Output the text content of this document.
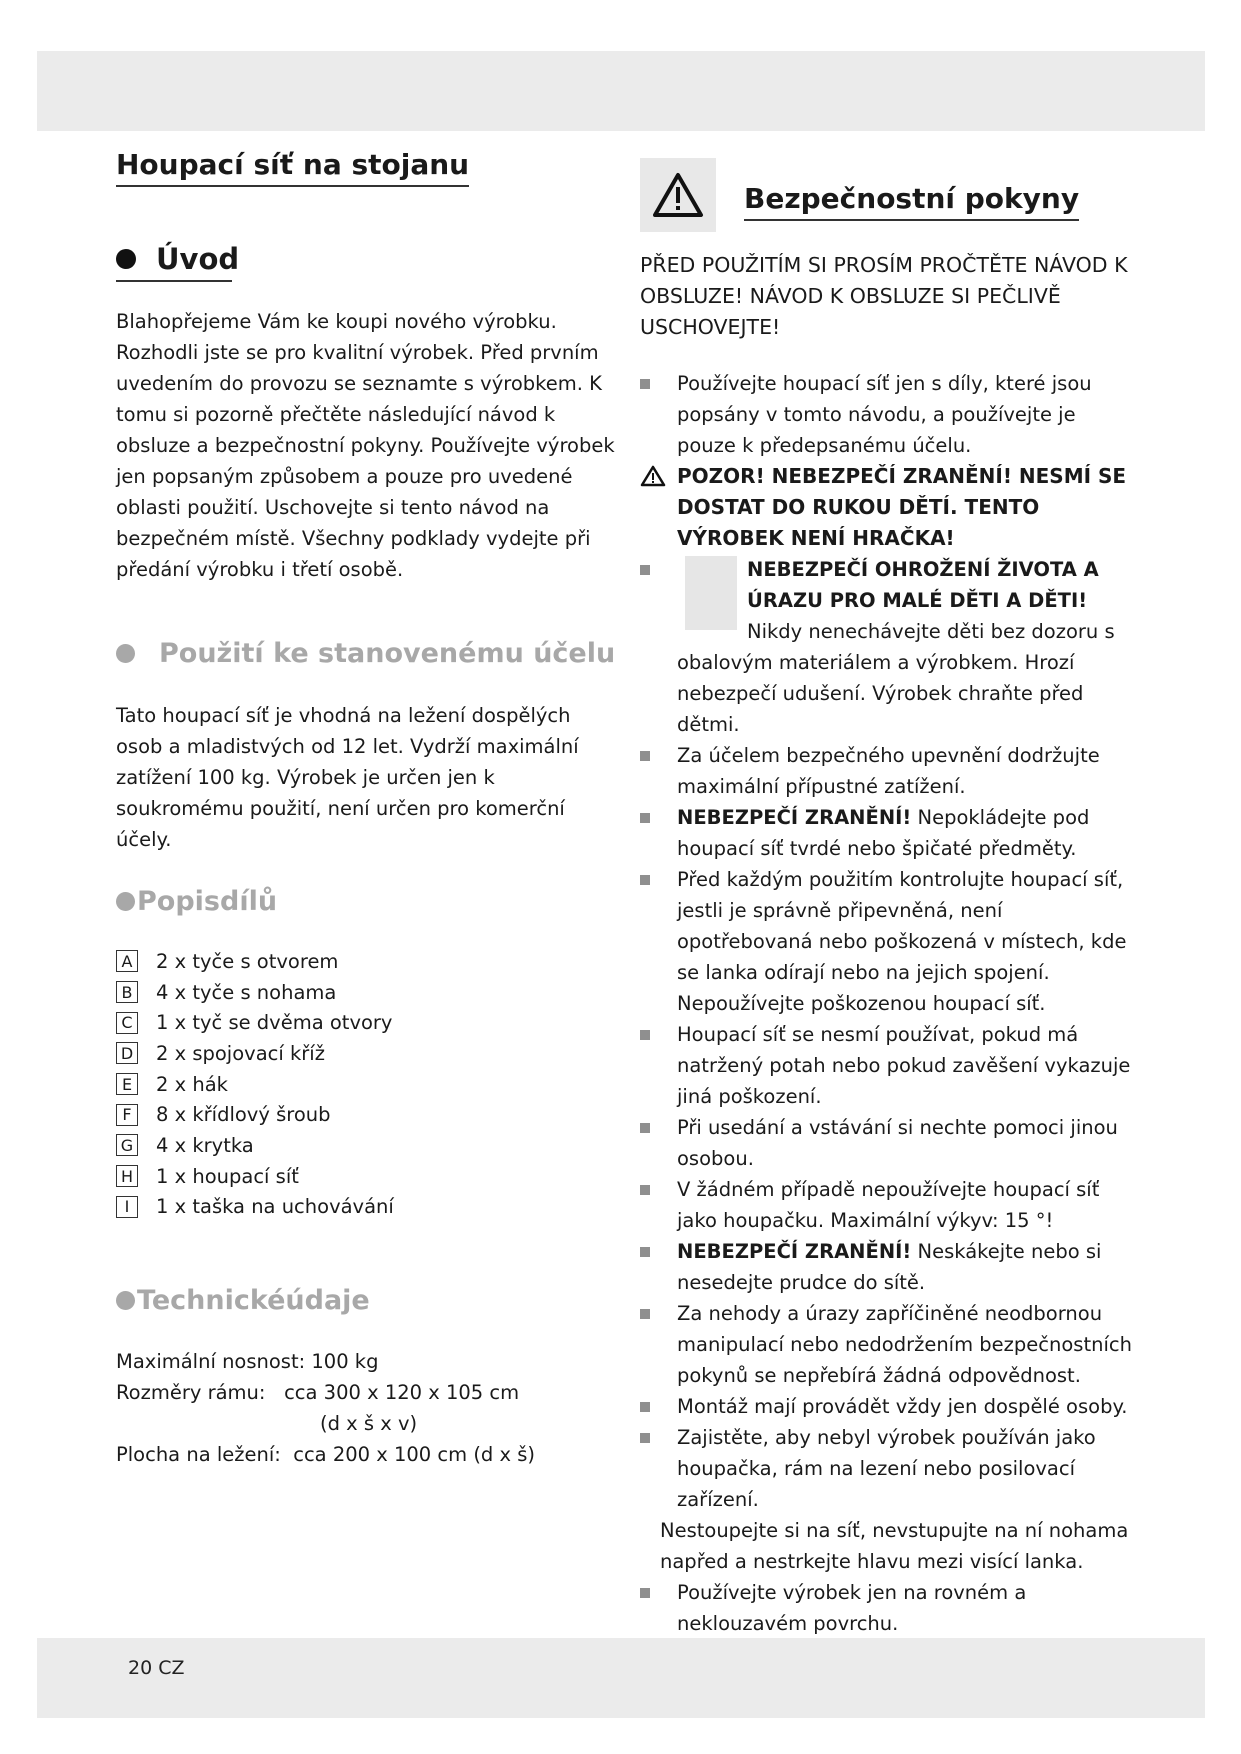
Houpací síť na stojanu
Úvod

Blahopřejeme Vám ke koupi nového výrobku. Rozhodli jste se pro kvalitní výrobek. Před prvním uvedením do provozu se seznamte s výrobkem. K tomu si pozorně přečtěte následující návod k obsluze a bezpečnostní pokyny. Používejte výrobek jen popsaným způsobem a pouze pro uvedené oblasti použití. Uschovejte si tento návod na bezpečném místě. Všechny podklady vydejte při předání výrobku i třetí osobě.

Použití ke stanovenému účelu

Tato houpací síť je vhodná na ležení dospělých osob a mladistvých od 12 let. Vydrží maximální zatížení 100 kg. Výrobek je určen jen k soukromému použití, není určen pro komerční účely.

Popisdílů
A 2 x tyče s otvorem
B 4 x tyče s nohama
C 1 x tyč se dvěma otvory
D 2 x spojovací kříž
E	2 x hák
F	8 x křídlový šroub
G 4 x krytka
H 1 x houpací síť
I	1 x taška na uchovávání
Technickéúdaje
Maximální nosnost: 100 kg
Rozměry rámu:   cca 300 x 120 x 105 cm
(d x š x v)
Plocha na ležení:  cca 200 x 100 cm (d x š)
Bezpečnostní pokyny

PŘED POUŽITÍM SI PROSÍM PROČTĚTE NÁVOD K OBSLUZE! NÁVOD K OBSLUZE SI PEČLIVĚ USCHOVEJTE!

Používejte houpací síť jen s díly, které jsou popsány v tomto návodu, a používejte je pouze k předepsanému účelu.
POZOR! NEBEZPEČÍ ZRANĚNÍ! NESMÍ SE DOSTAT DO RUKOU DĚTÍ. TENTO VÝROBEK NENÍ HRAČKA!
NEBEZPEČÍ OHROŽENÍ ŽIVOTA A ÚRAZU PRO MALÉ DĚTI A DĚTI! Nikdy nenechávejte děti bez dozoru s obalovým materiálem a výrobkem. Hrozí nebezpečí udušení. Výrobek chraňte před dětmi.
Za účelem bezpečného upevnění dodržujte maximální přípustné zatížení.
NEBEZPEČÍ ZRANĚNÍ! Nepokládejte pod houpací síť tvrdé nebo špičaté předměty.
Před každým použitím kontrolujte houpací síť, jestli je správně připevněná, není opotřebovaná nebo poškozená v místech, kde se lanka odírají nebo na jejich spojení. Nepoužívejte poškozenou houpací síť.
Houpací síť se nesmí používat, pokud má natržený potah nebo pokud zavěšení vykazuje jiná poškození.
Při usedání a vstávání si nechte pomoci jinou osobou.
V žádném případě nepoužívejte houpací síť jako houpačku. Maximální výkyv: 15 °!
NEBEZPEČÍ ZRANĚNÍ! Neskákejte nebo si nesedejte prudce do sítě.
Za nehody a úrazy zapříčiněné neodbornou manipulací nebo nedodržením bezpečnostních pokynů se nepřebírá žádná odpovědnost.
Montáž mají provádět vždy jen dospělé osoby.
Zajistěte, aby nebyl výrobek používán jako houpačka, rám na lezení nebo posilovací zařízení.
Nestoupejte si na síť, nevstupujte na ní nohama napřed a nestrkejte hlavu mezi visící lanka.
Používejte výrobek jen na rovném a neklouzavém povrchu.
20 CZ
